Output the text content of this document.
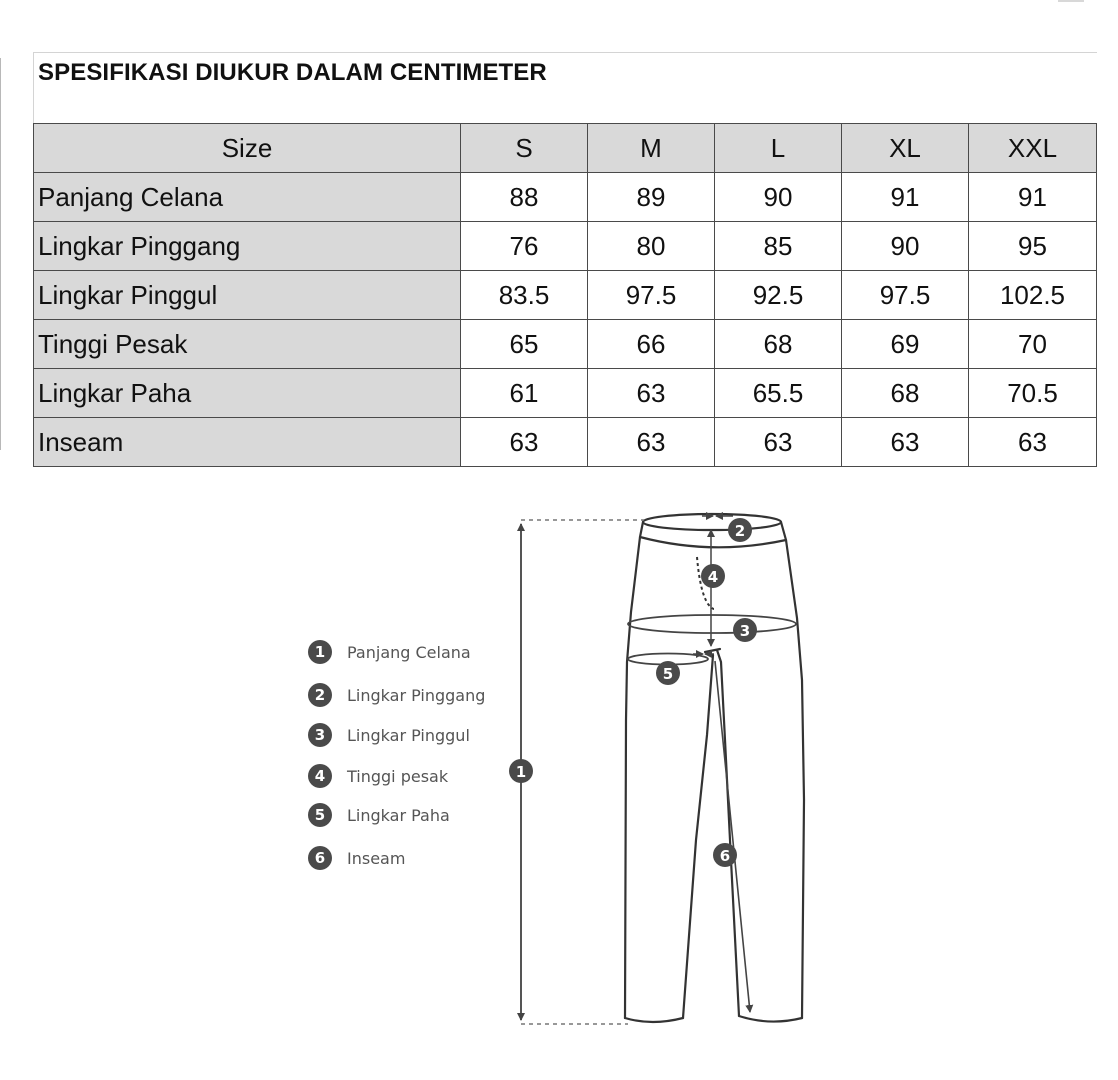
SPESIFIKASI DIUKUR DALAM CENTIMETER
Size	S	M	L	XL	XXL
Panjang Celana	88	89	90	91	91
Lingkar Pinggang	76	80	85	90	95
Lingkar Pinggul	83.5	97.5	92.5	97.5	102.5
Tinggi Pesak	65	66	68	69	70
Lingkar Paha	61	63	65.5	68	70.5
Inseam	63	63	63	63	63
1	Panjang Celana
2	Lingkar Pinggang
3	Lingkar Pinggul
4	Tinggi pesak
5	Lingkar Paha
6	Inseam
1
2
3
4
5
6
